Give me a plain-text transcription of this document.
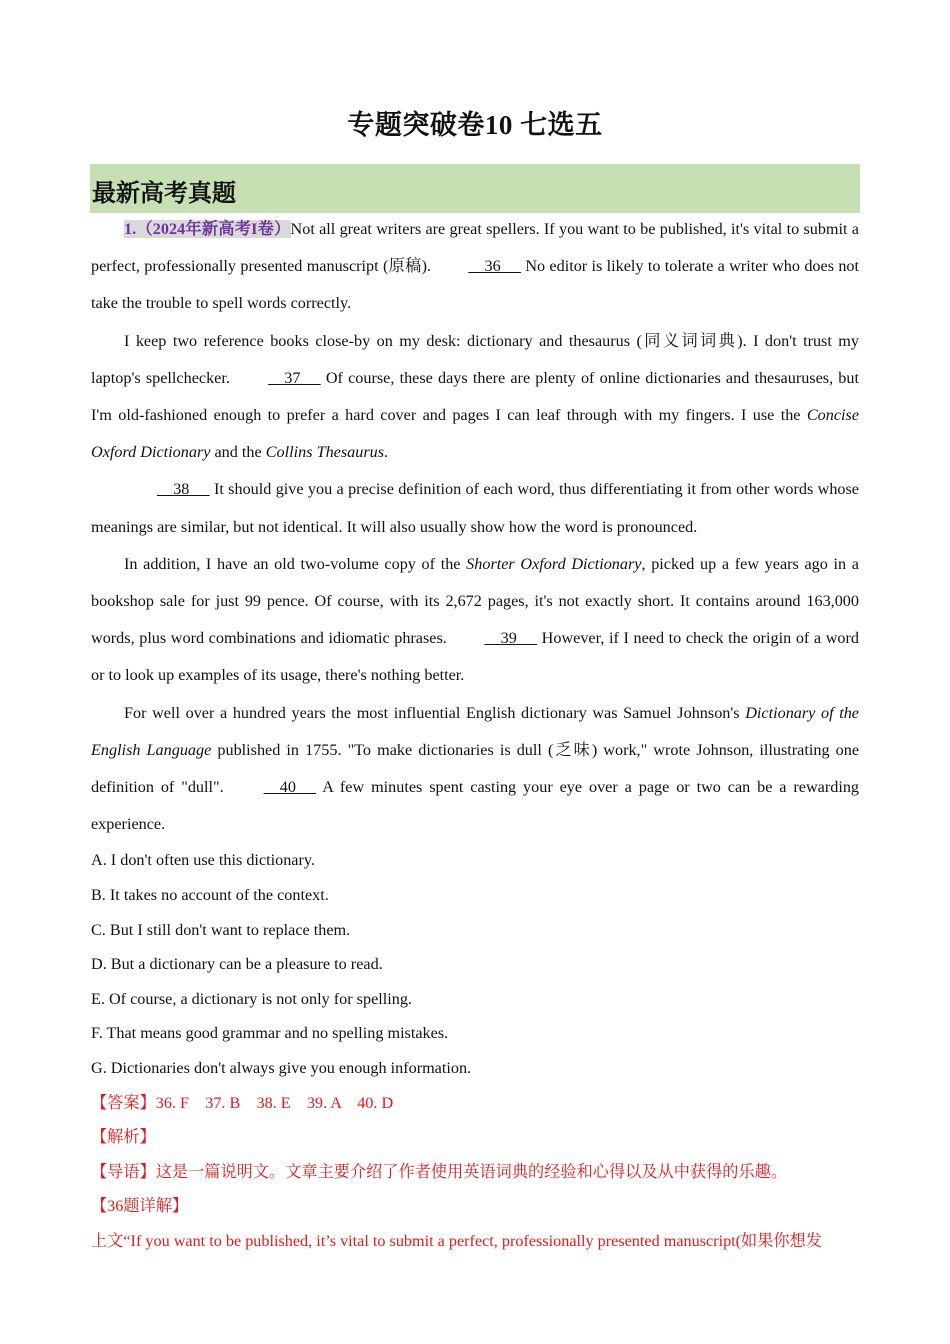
专题突破卷10 七选五
最新高考真题

1.（2024年新高考I卷）Not all great writers are great spellers. If you want to be published, it's vital to submit a perfect, professionally presented manuscript (原稿).	36 No editor is likely to tolerate a writer who does not take the trouble to spell words correctly.

I keep two reference books close-by on my desk: dictionary and thesaurus (同义词词典). I don't trust my laptop's spellchecker.	37 Of course, these days there are plenty of online dictionaries and thesauruses, but I'm old-fashioned enough to prefer a hard cover and pages I can leaf through with my fingers. I use the Concise Oxford Dictionary and the Collins Thesaurus.

38 It should give you a precise definition of each word, thus differentiating it from other words whose meanings are similar, but not identical. It will also usually show how the word is pronounced.

In addition, I have an old two-volume copy of the Shorter Oxford Dictionary, picked up a few years ago in a bookshop sale for just 99 pence. Of course, with its 2,672 pages, it's not exactly short. It contains around 163,000 words, plus word combinations and idiomatic phrases.	39 However, if I need to check the origin of a word or to look up examples of its usage, there's nothing better.

For well over a hundred years the most influential English dictionary was Samuel Johnson's Dictionary of the English Language published in 1755. "To make dictionaries is dull (乏味) work," wrote Johnson, illustrating one definition of "dull".	40 A few minutes spent casting your eye over a page or two can be a rewarding experience.

A. I don't often use this dictionary.

B. It takes no account of the context.

C. But I still don't want to replace them.

D. But a dictionary can be a pleasure to read.

E. Of course, a dictionary is not only for spelling.

F. That means good grammar and no spelling mistakes.

G. Dictionaries don't always give you enough information.

【答案】36. F    37. B    38. E    39. A    40. D

【解析】

【导语】这是一篇说明文。文章主要介绍了作者使用英语词典的经验和心得以及从中获得的乐趣。

【36题详解】

上文“If you want to be published, it’s vital to submit a perfect, professionally presented manuscript(如果你想发
